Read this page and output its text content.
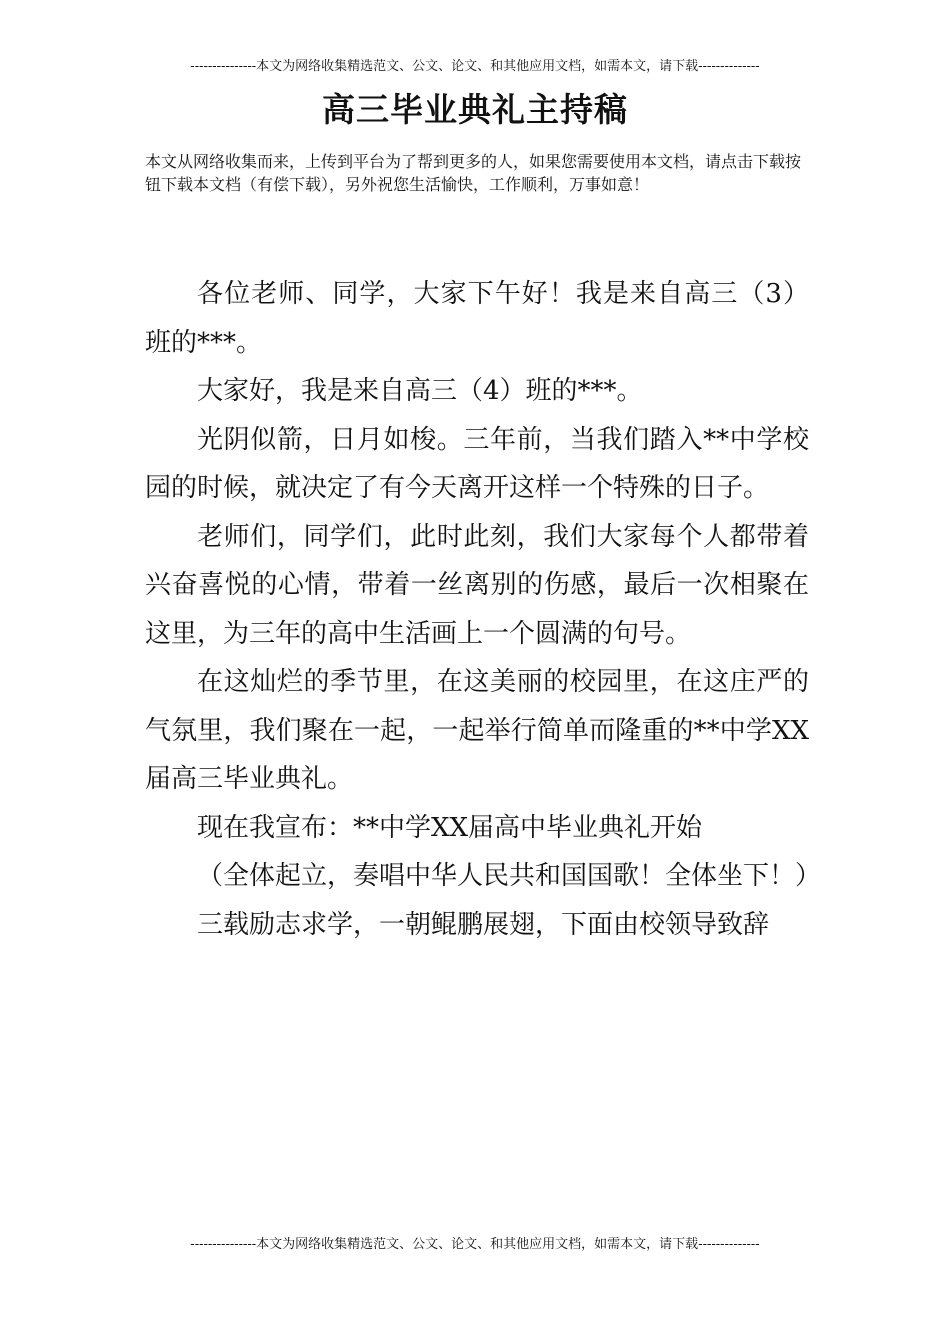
---------------本文为网络收集精选范文、公文、论文、和其他应用文档，如需本文，请下载--------------
高三毕业典礼主持稿
本文从网络收集而来，上传到平台为了帮到更多的人，如果您需要使用本文档，请点击下载按钮下载本文档（有偿下载），另外祝您生活愉快，工作顺利，万事如意！

各位老师、同学，大家下午好！我是来自高三（3）班的***。

大家好，我是来自高三（4）班的***。

光阴似箭，日月如梭。三年前，当我们踏入**中学校园的时候，就决定了有今天离开这样一个特殊的日子。

老师们，同学们，此时此刻，我们大家每个人都带着兴奋喜悦的心情，带着一丝离别的伤感，最后一次相聚在这里，为三年的高中生活画上一个圆满的句号。

在这灿烂的季节里，在这美丽的校园里，在这庄严的气氛里，我们聚在一起，一起举行简单而隆重的**中学XX届高三毕业典礼。

现在我宣布：**中学XX届高中毕业典礼开始

（全体起立，奏唱中华人民共和国国歌！全体坐下！）

三载励志求学，一朝鲲鹏展翅，下面由校领导致辞

---------------本文为网络收集精选范文、公文、论文、和其他应用文档，如需本文，请下载--------------
